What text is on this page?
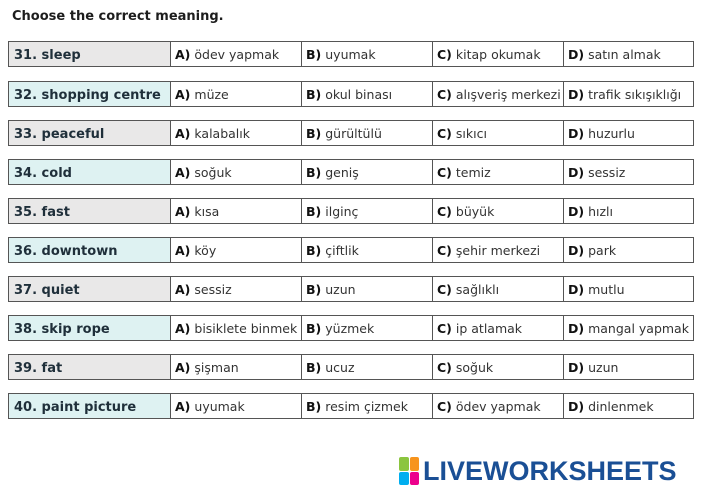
Choose the correct meaning.
31. sleep	A) ödev yapmak B) uyumak	C) kitap okumak D) satın almak
32. shopping centre	A) müze	B) okul binası	C) alışveriş merkezi D) trafik sıkışıklığı
33. peaceful	A) kalabalık	B) gürültülü	C) sıkıcı	D) huzurlu
34. cold	A) soğuk	B) geniş	C) temiz	D) sessiz
35. fast	A) kısa	B) ilginç	C) büyük	D) hızlı
36. downtown	A) köy	B) çiftlik	C) şehir merkezi D) park
37. quiet	A) sessiz	B) uzun	C) sağlıklı	D) mutlu
38. skip rope	A) bisiklete binmek B) yüzmek	C) ip atlamak	D) mangal yapmak
39. fat	A) şişman	B) ucuz	C) soğuk	D) uzun
40. paint picture	A) uyumak	B) resim çizmek C) ödev yapmak D) dinlenmek
LIVEWORKSHEETS
